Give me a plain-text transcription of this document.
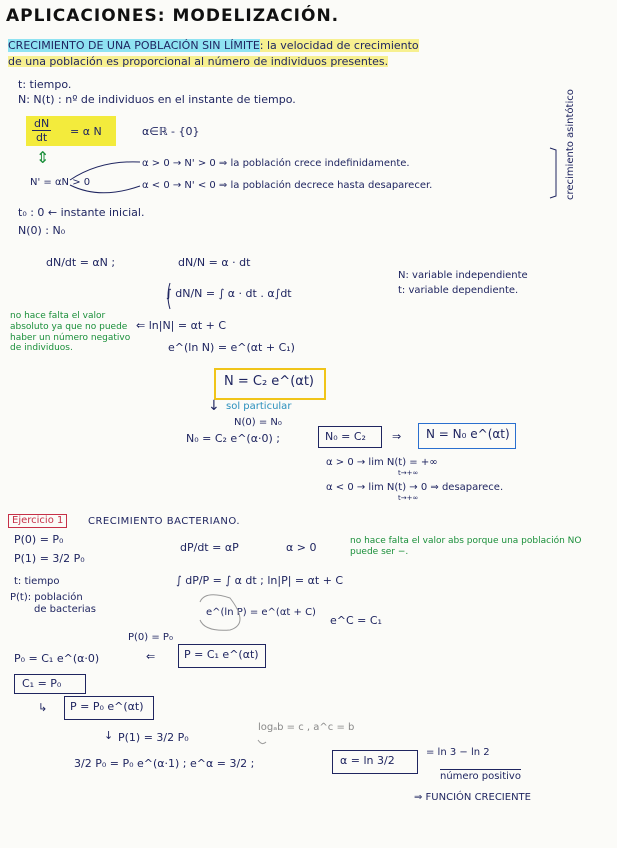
APLICACIONES: MODELIZACIÓN.
CRECIMIENTO DE UNA POBLACIÓN SIN LÍMITE: la velocidad de crecimiento
de una población es proporcional al número de individuos presentes.
t: tiempo.
N: N(t) : nº de individuos en el instante de tiempo.
$\frac{dN}{dt} = \alpha$ N	α∈ℝ - {0}
⇕
N' = αN > 0
α > 0 → N' > 0 ⇒ la población crece indefinidamente.
α < 0 → N' < 0 ⇒ la población decrece hasta desaparecer.	crecimiento asintótico
t₀ : 0 ← instante inicial.
N(0) : N₀
dN/dt = αN ;	dN/N = α · dt
∫ dN/N = ∫ α · dt . α∫dt
N: variable independiente
t: variable dependiente.
no hace falta el valor absoluto ya que no puede haber un número negativo de individuos.
⇐ ln|N| = αt + C
e^(ln N) = e^(αt + C₁)
N = C₂ e^(αt)
↓ sol particular
N(0) = N₀
N₀ = C₂ e^(α·0) ;	N₀ = C₂ ⇒ N = N₀ e^(αt)
α > 0 → lim N(t) = +∞
t→+∞
α < 0 → lim N(t) → 0 ⇒ desaparece.
t→+∞
Ejercicio 1	CRECIMIENTO BACTERIANO.
P(0) = P₀
P(1) = 3/2 P₀
t: tiempo
P(t): población
de bacterias
dP/dt = αP	α > 0	no hace falta el valor abs porque una población NO puede ser −.
∫ dP/P = ∫ α dt ; ln|P| = αt + C
e^(ln P) = e^(αt + C)
e^C = C₁
P(0) = P₀
P = C₁ e^(αt)
⇐
P₀ = C₁ e^(α·0)
C₁ = P₀
↳ P = P₀ e^(αt)
↓ P(1) = 3/2 P₀
logₐb = c , a^c = b
3/2 P₀ = P₀ e^(α·1) ; e^α = 3/2 ;	α = ln 3/2
= ln 3 − ln 2
número positivo
⇒ FUNCIÓN CRECIENTE
